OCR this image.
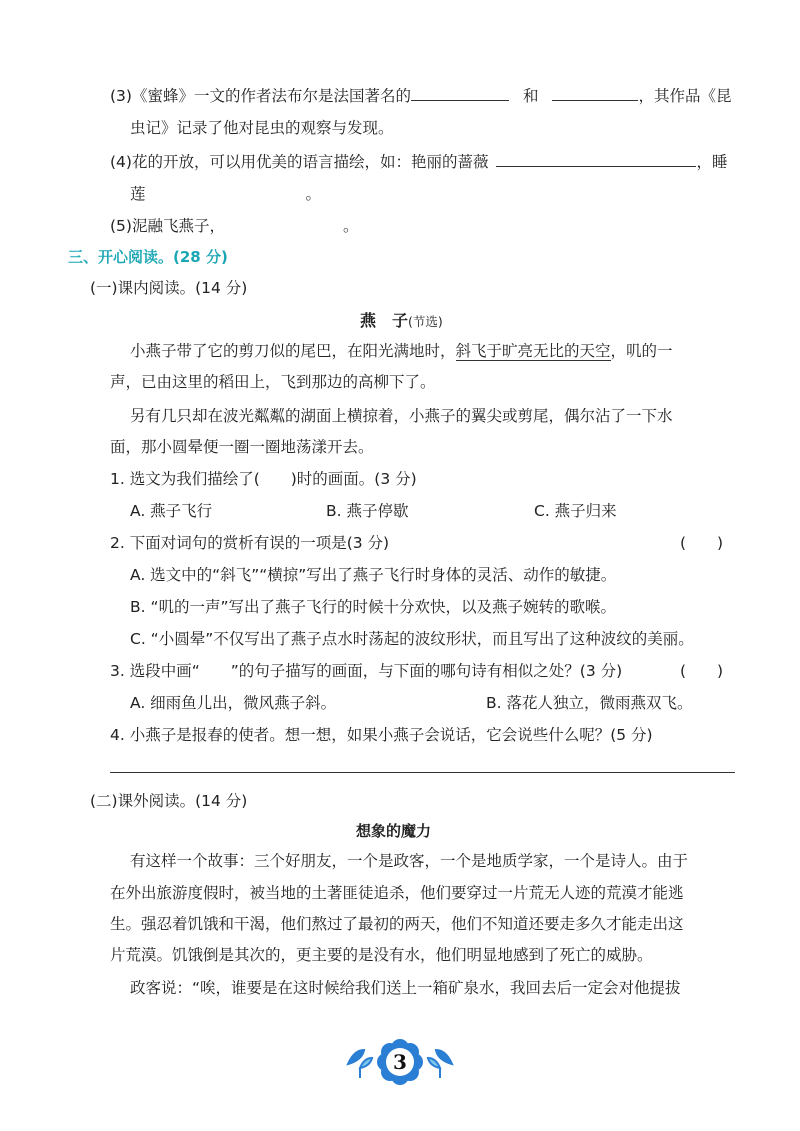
(3)《蜜蜂》一文的作者法布尔是法国著名的	和	，其作品《昆
虫记》记录了他对昆虫的观察与发现。
(4)花的开放，可以用优美的语言描绘，如：艳丽的蔷薇	，睡
莲	。
(5)泥融飞燕子，	。
三、开心阅读。(28 分)
(一)课内阅读。(14 分)
燕　子(节选)
小燕子带了它的剪刀似的尾巴，在阳光满地时，斜飞于旷亮无比的天空，叽的一
声，已由这里的稻田上，飞到那边的高柳下了。
另有几只却在波光粼粼的湖面上横掠着，小燕子的翼尖或剪尾，偶尔沾了一下水
面，那小圆晕便一圈一圈地荡漾开去。
1. 选文为我们描绘了(　　)时的画面。(3 分)
A. 燕子飞行	B. 燕子停歇	C. 燕子归来
2. 下面对词句的赏析有误的一项是(3 分)	(　　)
A. 选文中的“斜飞”“横掠”写出了燕子飞行时身体的灵活、动作的敏捷。
B. “叽的一声”写出了燕子飞行的时候十分欢快，以及燕子婉转的歌喉。
C. “小圆晕”不仅写出了燕子点水时荡起的波纹形状，而且写出了这种波纹的美丽。
3. 选段中画“　　”的句子描写的画面，与下面的哪句诗有相似之处？(3 分)	(　　)
A. 细雨鱼儿出，微风燕子斜。	B. 落花人独立，微雨燕双飞。
4. 小燕子是报春的使者。想一想，如果小燕子会说话，它会说些什么呢？(5 分)
(二)课外阅读。(14 分)
想象的魔力
有这样一个故事：三个好朋友，一个是政客，一个是地质学家，一个是诗人。由于
在外出旅游度假时，被当地的土著匪徒追杀，他们要穿过一片荒无人迹的荒漠才能逃
生。强忍着饥饿和干渴，他们熬过了最初的两天，他们不知道还要走多久才能走出这
片荒漠。饥饿倒是其次的，更主要的是没有水，他们明显地感到了死亡的威胁。
政客说：“唉，谁要是在这时候给我们送上一箱矿泉水，我回去后一定会对他提拔
3
